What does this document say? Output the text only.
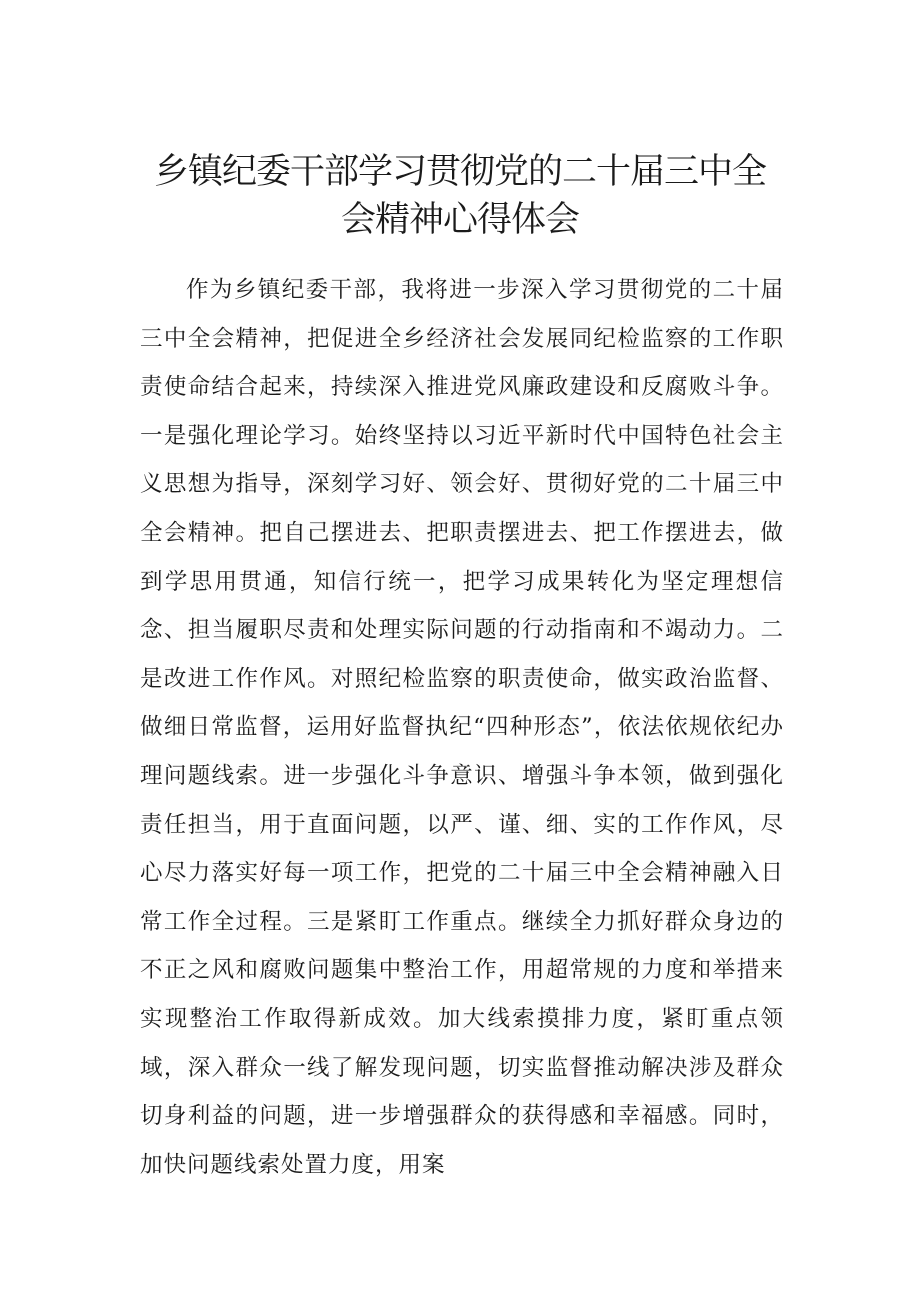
乡镇纪委干部学习贯彻党的二十届三中全
会精神心得体会

作为乡镇纪委干部，我将进一步深入学习贯彻党的二十届三中全会精神，把促进全乡经济社会发展同纪检监察的工作职责使命结合起来，持续深入推进党风廉政建设和反腐败斗争。一是强化理论学习。始终坚持以习近平新时代中国特色社会主义思想为指导，深刻学习好、领会好、贯彻好党的二十届三中全会精神。把自己摆进去、把职责摆进去、把工作摆进去，做到学思用贯通，知信行统一，把学习成果转化为坚定理想信念、担当履职尽责和处理实际问题的行动指南和不竭动力。二是改进工作作风。对照纪检监察的职责使命，做实政治监督、做细日常监督，运用好监督执纪“四种形态”，依法依规依纪办理问题线索。进一步强化斗争意识、增强斗争本领，做到强化责任担当，用于直面问题，以严、谨、细、实的工作作风，尽心尽力落实好每一项工作，把党的二十届三中全会精神融入日常工作全过程。三是紧盯工作重点。继续全力抓好群众身边的不正之风和腐败问题集中整治工作，用超常规的力度和举措来实现整治工作取得新成效。加大线索摸排力度，紧盯重点领域，深入群众一线了解发现问题，切实监督推动解决涉及群众切身利益的问题，进一步增强群众的获得感和幸福感。同时，加快问题线索处置力度，用案
